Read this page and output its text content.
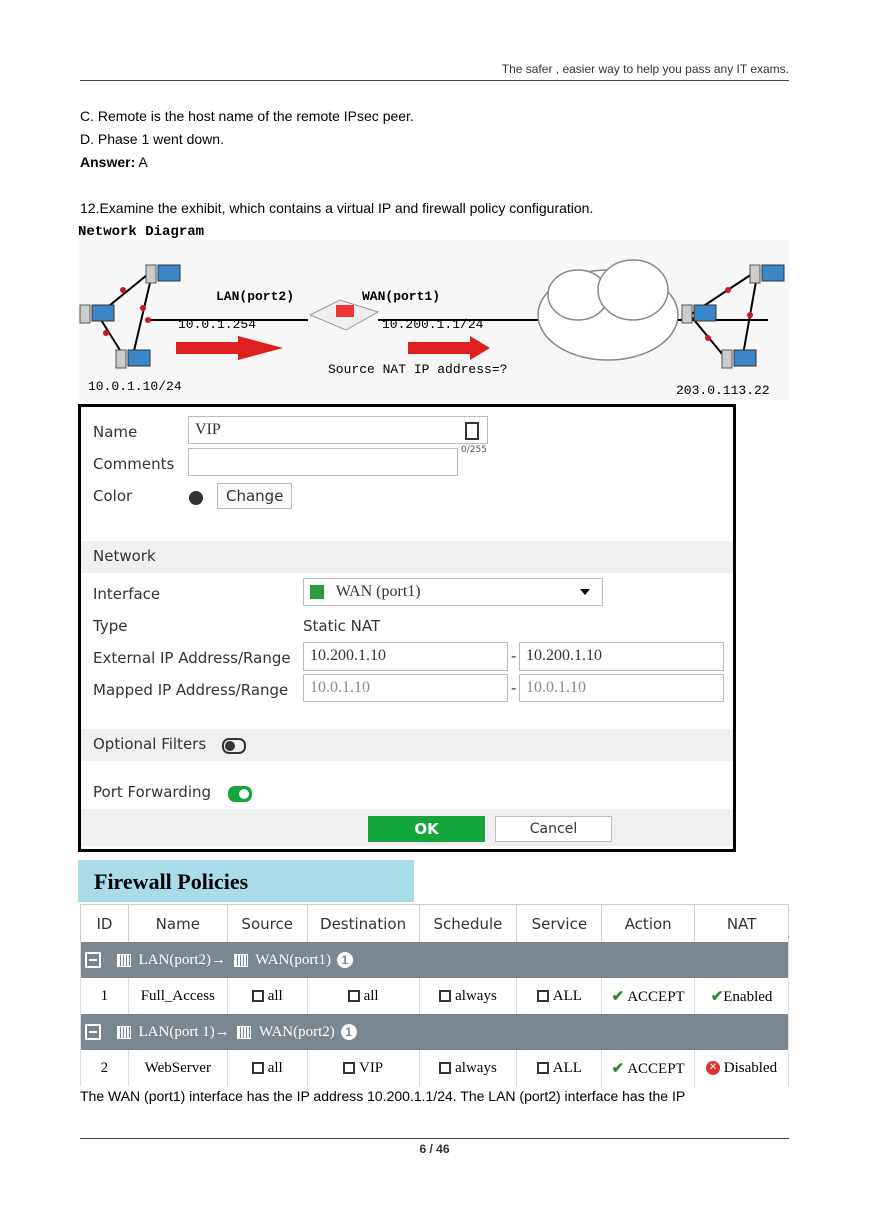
The safer , easier way to help you pass any IT exams.
C. Remote is the host name of the remote IPsec peer.
D. Phase 1 went down.
Answer: A
12.Examine the exhibit, which contains a virtual IP and firewall policy configuration.
Network Diagram
LAN(port2)	WAN(port1)
10.0.1.254	10.200.1.1/24
Source NAT IP address=?
10.0.1.10/24	203.0.113.22
Name	VIP
Comments
0/255
Color	Change
Network
Interface	WAN (port1)
Type	Static NAT
External IP Address/Range	10.200.1.10	- 10.200.1.10
Mapped IP Address/Range	10.0.1.10	- 10.0.1.10
Optional Filters
Port Forwarding
OK	Cancel
Firewall Policies
ID	Name	Source	Destination	Schedule	Service	Action	NAT
LAN(port2)→ WAN(port1) 1							
1	Full_Access	all	all	always	ALL	✔ ACCEPT	✔Enabled
LAN(port 1)→ WAN(port2) 1							
2	WebServer	all	VIP	always	ALL	✔ ACCEPT	✕ Disabled
The WAN (port1) interface has the IP address 10.200.1.1/24. The LAN (port2) interface has the IP
6 / 46
